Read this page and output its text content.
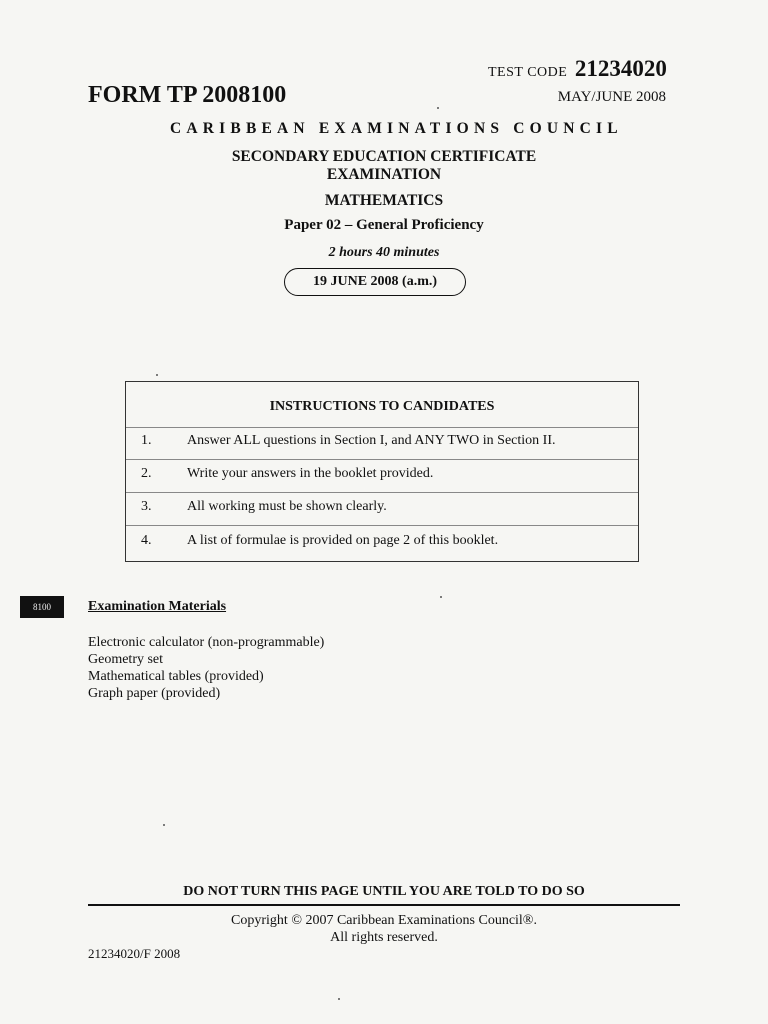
TEST CODE 21234020
FORM TP 2008100	MAY/JUNE 2008
CARIBBEAN EXAMINATIONS COUNCIL
SECONDARY EDUCATION CERTIFICATE
EXAMINATION
MATHEMATICS
Paper 02 – General Proficiency
2 hours 40 minutes
19 JUNE 2008 (a.m.)
INSTRUCTIONS TO CANDIDATES
1.	Answer ALL questions in Section I, and ANY TWO in Section II.
2.	Write your answers in the booklet provided.
3.	All working must be shown clearly.
4.	A list of formulae is provided on page 2 of this booklet.
8100	Examination Materials
Electronic calculator (non-programmable)
Geometry set
Mathematical tables (provided)
Graph paper (provided)
DO NOT TURN THIS PAGE UNTIL YOU ARE TOLD TO DO SO
Copyright © 2007 Caribbean Examinations Council®.
All rights reserved.
21234020/F 2008
